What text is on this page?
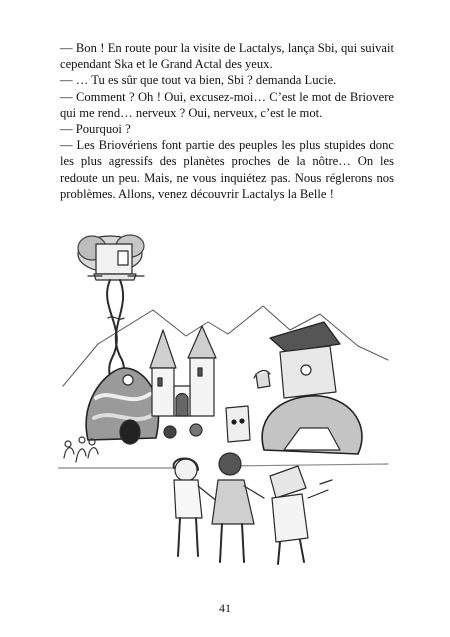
— Bon ! En route pour la visite de Lactalys, lança Sbi, qui suivait cependant Ska et le Grand Actal des yeux.

— … Tu es sûr que tout va bien, Sbi ? demanda Lucie.

— Comment ? Oh ! Oui, excusez-moi… C’est le mot de Briovere qui me rend… nerveux ? Oui, nerveux, c’est le mot.

— Pourquoi ?

— Les Briovériens font partie des peuples les plus stupides donc les plus agressifs des planètes proches de la nôtre… On les redoute un peu. Mais, ne vous inquiétez pas. Nous réglerons nos problèmes. Allons, venez découvrir Lactalys la Belle !

41
